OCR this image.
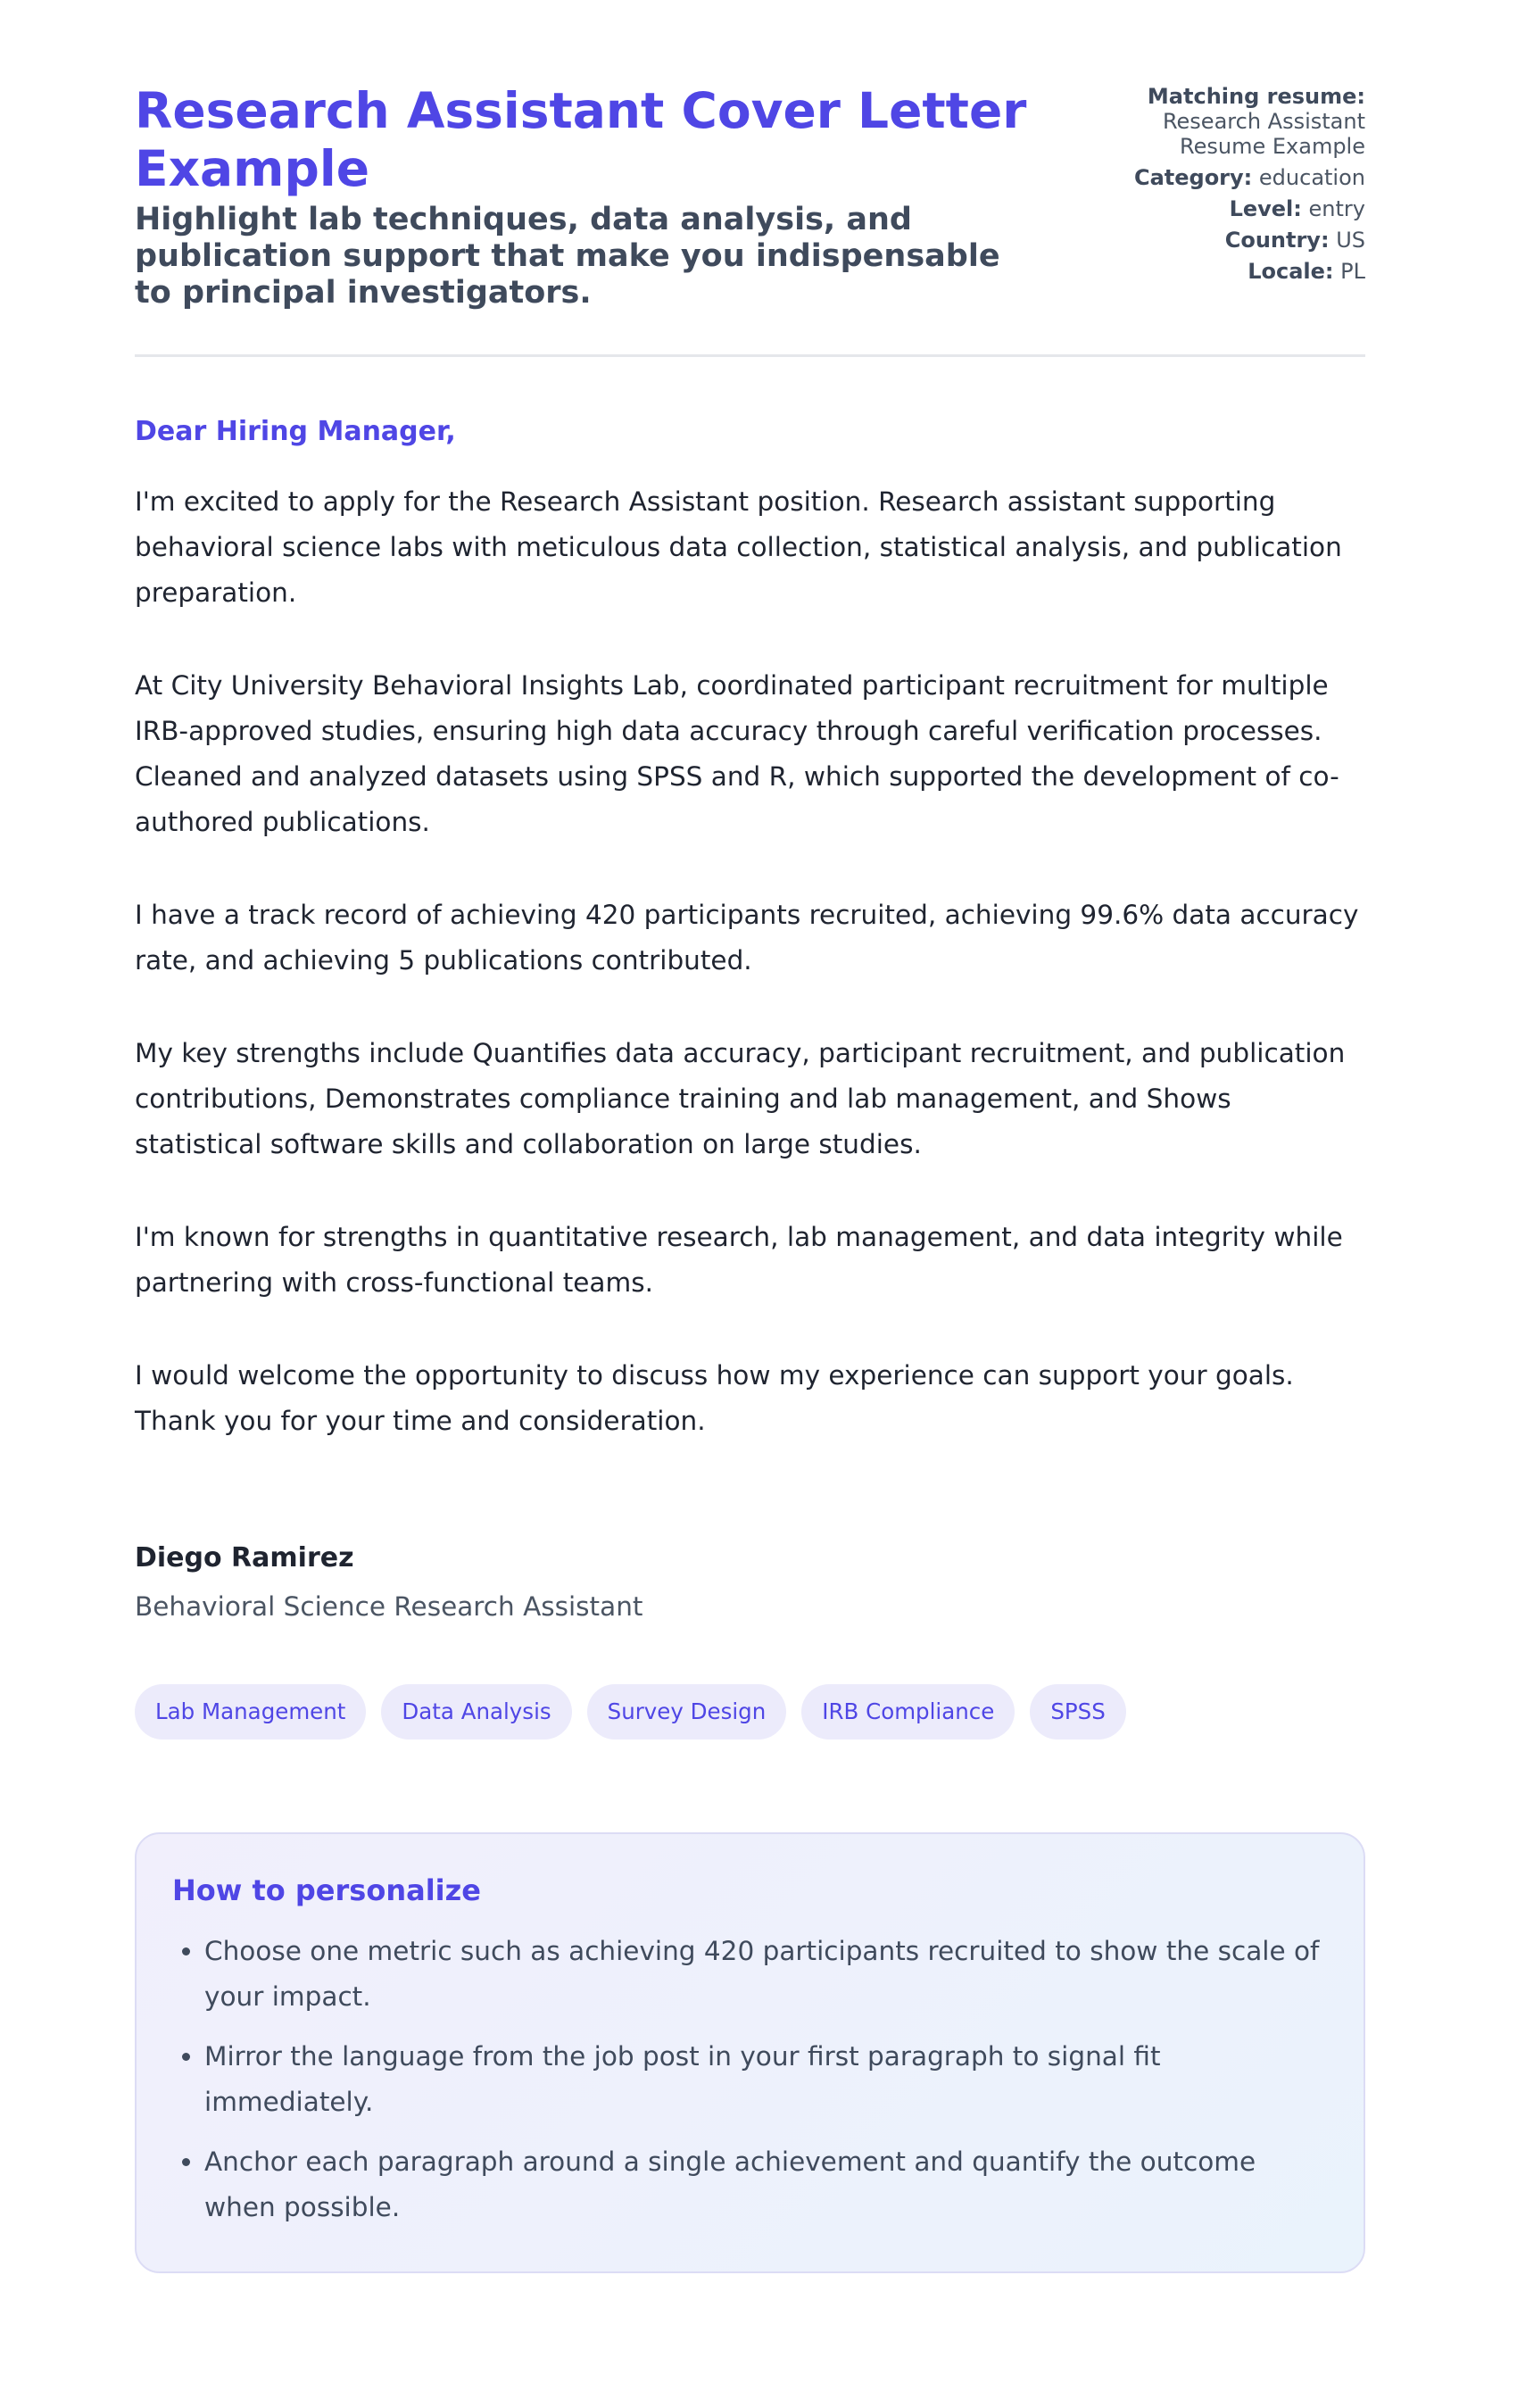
Research Assistant Cover Letter Example

Highlight lab techniques, data analysis, and publication support that make you indispensable to principal investigators.

Matching resume:
Research Assistant Resume Example
Category: education
Level: entry
Country: US
Locale: PL
Dear Hiring Manager,

I'm excited to apply for the Research Assistant position. Research assistant supporting behavioral science labs with meticulous data collection, statistical analysis, and publication preparation.

At City University Behavioral Insights Lab, coordinated participant recruitment for multiple IRB-approved studies, ensuring high data accuracy through careful verification processes. Cleaned and analyzed datasets using SPSS and R, which supported the development of co-authored publications.

I have a track record of achieving 420 participants recruited, achieving 99.6% data accuracy rate, and achieving 5 publications contributed.

My key strengths include Quantifies data accuracy, participant recruitment, and publication contributions, Demonstrates compliance training and lab management, and Shows statistical software skills and collaboration on large studies.

I'm known for strengths in quantitative research, lab management, and data integrity while partnering with cross-functional teams.

I would welcome the opportunity to discuss how my experience can support your goals. Thank you for your time and consideration.

Diego Ramirez
Behavioral Science Research Assistant
Lab Management	Data Analysis	Survey Design	IRB Compliance	SPSS
How to personalize
• Choose one metric such as achieving 420 participants recruited to show the scale of your impact.
• Mirror the language from the job post in your first paragraph to signal fit immediately.
• Anchor each paragraph around a single achievement and quantify the outcome when possible.
